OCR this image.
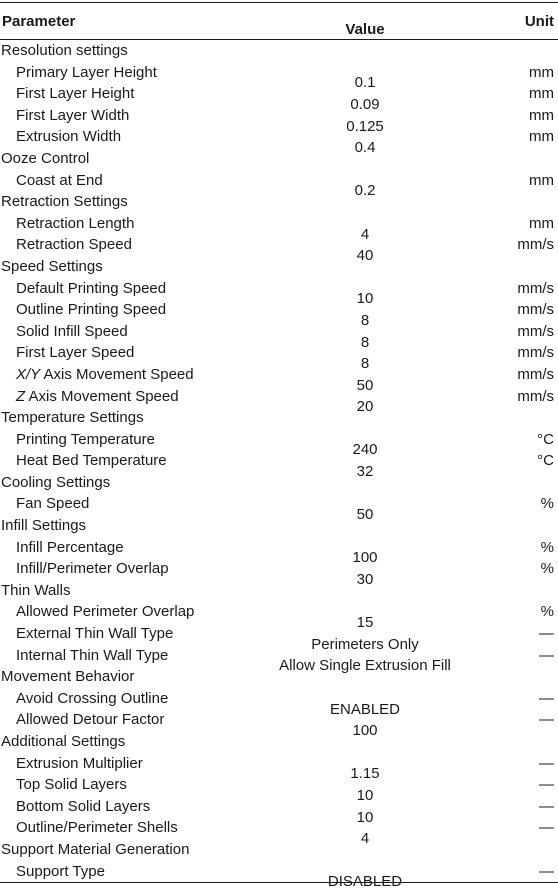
Parameter	Value	Unit
Resolution settings
Primary Layer Height
0.1
mm
First Layer Height
0.09
mm
First Layer Width
0.125
mm
Extrusion Width
0.4
mm
Ooze Control
Coast at End
0.2
mm
Retraction Settings
Retraction Length
4
mm
Retraction Speed
40
mm/s
Speed Settings
Default Printing Speed
10
mm/s
Outline Printing Speed
8
mm/s
Solid Infill Speed
8
mm/s
First Layer Speed
8
mm/s
X/Y Axis Movement Speed
50
mm/s
Z Axis Movement Speed
20
mm/s
Temperature Settings
Printing Temperature
240
°C
Heat Bed Temperature
32
°C
Cooling Settings
Fan Speed
50
%
Infill Settings
Infill Percentage
100
%
Infill/Perimeter Overlap
30
%
Thin Walls
Allowed Perimeter Overlap
15
%
External Thin Wall Type
Perimeters Only
—
Internal Thin Wall Type
Allow Single Extrusion Fill
—
Movement Behavior
Avoid Crossing Outline
ENABLED
—
Allowed Detour Factor
100
—
Additional Settings
Extrusion Multiplier
1.15
—
Top Solid Layers
10
—
Bottom Solid Layers
10
—
Outline/Perimeter Shells
4
—
Support Material Generation
Support Type
DISABLED
—
